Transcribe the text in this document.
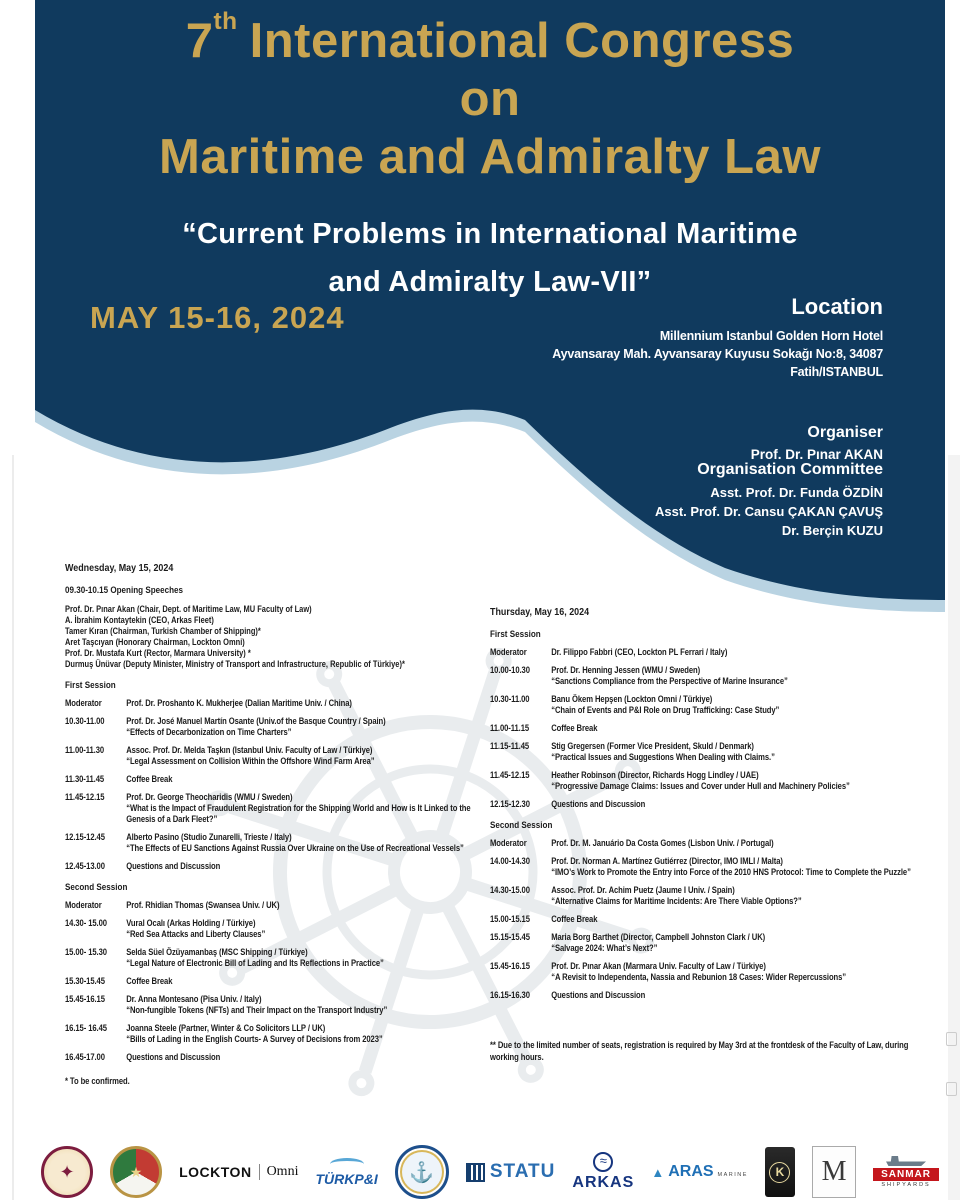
7th International Congress
on
Maritime and Admiralty Law
“Current Problems in International Maritime
and Admiralty Law-VII”
MAY 15-16, 2024	Location
Millennium Istanbul Golden Horn Hotel
Ayvansaray Mah. Ayvansaray Kuyusu Sokağı No:8, 34087
Fatih/ISTANBUL
Organiser
Prof. Dr. Pınar AKAN
Organisation Committee
Asst. Prof. Dr. Funda ÖZDİN
Asst. Prof. Dr. Cansu ÇAKAN ÇAVUŞ
Dr. Berçin KUZU
Wednesday, May 15, 2024
09.30-10.15 Opening Speeches
Prof. Dr. Pınar Akan (Chair, Dept. of Maritime Law, MU Faculty of Law)
A. İbrahim Kontaytekin (CEO, Arkas Fleet)
Tamer Kıran (Chairman, Turkish Chamber of Shipping)*
Aret Taşcıyan (Honorary Chairman, Lockton Omni)
Prof. Dr. Mustafa Kurt (Rector, Marmara University) *
Durmuş Ünüvar (Deputy Minister, Ministry of Transport and Infrastructure, Republic of Türkiye)*
First Session
Moderator	Prof. Dr. Proshanto K. Mukherjee (Dalian Maritime Univ. / China)
10.30-11.00	Prof. Dr. José Manuel Martín Osante (Univ.of the Basque Country / Spain)
“Effects of Decarbonization on Time Charters”
11.00-11.30	Assoc. Prof. Dr. Melda Taşkın (Istanbul Univ. Faculty of Law / Türkiye)
“Legal Assessment on Collision Within the Offshore Wind Farm Area”
11.30-11.45	Coffee Break
11.45-12.15	Prof. Dr. George Theocharidis (WMU / Sweden)
“What is the Impact of Fraudulent Registration for the Shipping World and How is It Linked to the Genesis of a Dark Fleet?”
12.15-12.45	Alberto Pasino (Studio Zunarelli, Trieste / Italy)
“The Effects of EU Sanctions Against Russia Over Ukraine on the Use of Recreational Vessels”
12.45-13.00	Questions and Discussion
Second Session
Moderator	Prof. Rhidian Thomas (Swansea Univ. / UK)
14.30- 15.00	Vural Ocalı (Arkas Holding / Türkiye)
“Red Sea Attacks and Liberty Clauses”
15.00- 15.30	Selda Süel Özüyamanbaş (MSC Shipping / Türkiye)
“Legal Nature of Electronic Bill of Lading and Its Reflections in Practice”
15.30-15.45	Coffee Break
15.45-16.15	Dr. Anna Montesano (Pisa Univ. / Italy)
“Non-fungible Tokens (NFTs) and Their Impact on the Transport Industry”
16.15- 16.45	Joanna Steele (Partner, Winter & Co Solicitors LLP / UK)
“Bills of Lading in the English Courts- A Survey of Decisions from 2023”
16.45-17.00	Questions and Discussion
* To be confirmed.
Thursday, May 16, 2024
First Session
Moderator	Dr. Filippo Fabbri (CEO, Lockton PL Ferrari / Italy)
10.00-10.30	Prof. Dr. Henning Jessen (WMU / Sweden)
“Sanctions Compliance from the Perspective of Marine Insurance”
10.30-11.00	Banu Ökem Hepşen (Lockton Omni / Türkiye)
“Chain of Events and P&I Role on Drug Trafficking: Case Study”
11.00-11.15	Coffee Break
11.15-11.45	Stig Gregersen (Former Vice President, Skuld / Denmark)
“Practical Issues and Suggestions When Dealing with Claims.”
11.45-12.15	Heather Robinson (Director, Richards Hogg Lindley / UAE)
“Progressive Damage Claims: Issues and Cover under Hull and Machinery Policies”
12.15-12.30	Questions and Discussion
Second Session
Moderator	Prof. Dr. M. Januário Da Costa Gomes (Lisbon Univ. / Portugal)
14.00-14.30	Prof. Dr. Norman A. Martínez Gutiérrez (Director, IMO IMLI / Malta)
“IMO’s Work to Promote the Entry into Force of the 2010 HNS Protocol: Time to Complete the Puzzle”
14.30-15.00	Assoc. Prof. Dr. Achim Puetz (Jaume I Univ. / Spain)
“Alternative Claims for Maritime Incidents: Are There Viable Options?”
15.00-15.15	Coffee Break
15.15-15.45	Maria Borg Barthet (Director, Campbell Johnston Clark / UK)
“Salvage 2024: What’s Next?”
15.45-16.15	Prof. Dr. Pınar Akan (Marmara Univ. Faculty of Law / Türkiye)
“A Revisit to Independenta, Nassia and Rebunion 18 Cases: Wider Repercussions”
16.15-16.30	Questions and Discussion
** Due to the limited number of seats, registration is required by May 3rd at the frontdesk of the Faculty of Law, during working hours.
✦
★
LOCKTON	Omni TÜRKP&I ⚓	STATU
≈ ARKAS
▲ ARAS MARINE	K M	SANMAR
SHIPYARDS
